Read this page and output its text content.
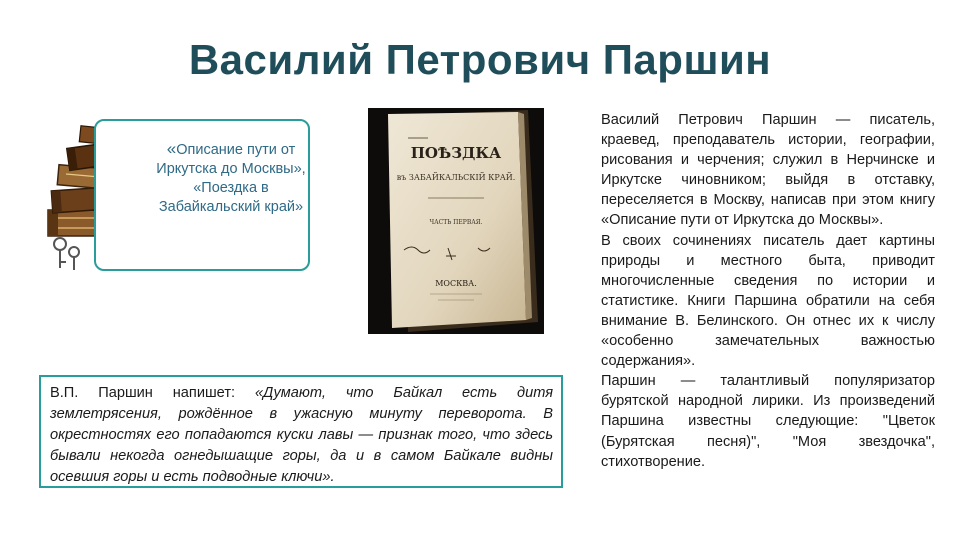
Василий Петрович Паршин
«Описание пути от Иркутска до Москвы», «Поездка в Забайкальский край»
ПОѢЗДКА
въ ЗАБАЙКАЛЬСКІЙ КРАЙ.
ЧАСТЬ ПЕРВАЯ.
МОСКВА.
В.П. Паршин напишет: «Думают, что Байкал есть дитя землетрясения, рождённое в ужасную минуту переворота. В окрестностях его попадаются куски лавы — признак того, что здесь бывали некогда огнедышащие горы, да и в самом Байкале видны осевшия горы и есть подводные ключи».

Василий Петрович Паршин — писатель, краевед, преподаватель истории, географии, рисования и черчения; служил в Нерчинске и Иркутске чиновником; выйдя в отставку, переселяется в Москву, написав при этом книгу «Описание пути от Иркутска до Москвы».

В своих сочинениях писатель дает картины природы и местного быта, приводит многочисленные сведения по истории и статистике. Книги Паршина обратили на себя внимание В. Белинского. Он отнес их к числу «особенно замечательных важностью содержания».

Паршин — талантливый популяризатор бурятской народной лирики. Из произведений Паршина известны следующие: "Цветок (Бурятская песня)", "Моя звездочка", стихотворение.
